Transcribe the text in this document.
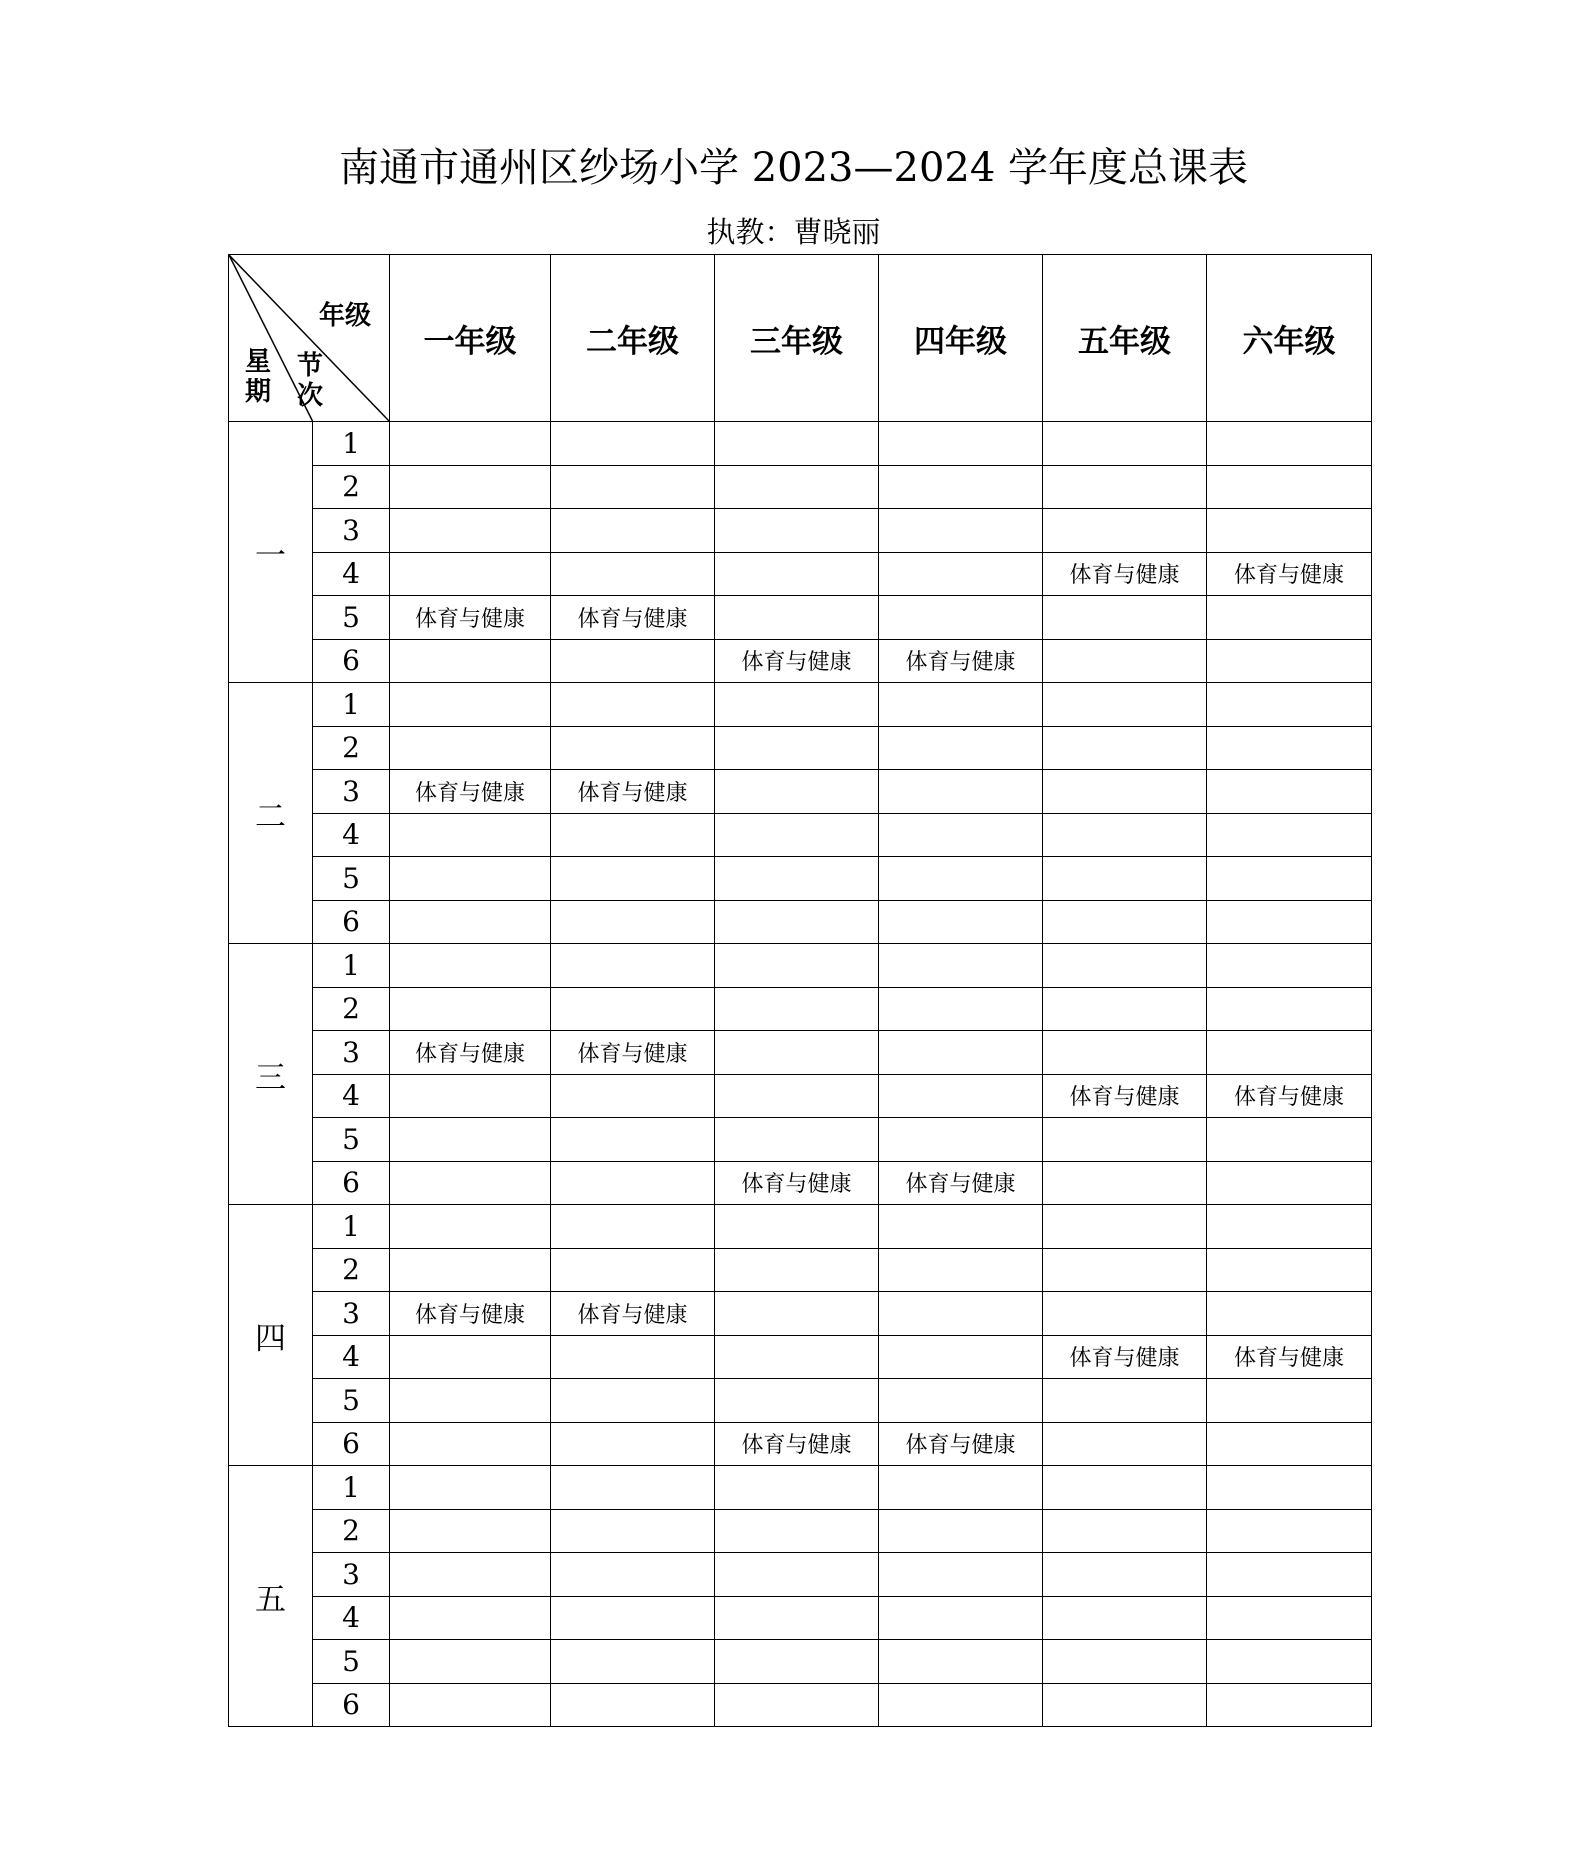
南通市通州区纱场小学 2023—2024 学年度总课表
执教：曹晓丽
年级
节次
星期		一年级	二年级	三年级	四年级	五年级	六年级
一	1						
	2						
	3						
	4					体育与健康	体育与健康
	5	体育与健康	体育与健康				
	6			体育与健康	体育与健康		
二	1						
	2						
	3	体育与健康	体育与健康				
	4						
	5						
	6						
三	1						
	2						
	3	体育与健康	体育与健康				
	4					体育与健康	体育与健康
	5						
	6			体育与健康	体育与健康		
四	1						
	2						
	3	体育与健康	体育与健康				
	4					体育与健康	体育与健康
	5						
	6			体育与健康	体育与健康		
五	1						
	2						
	3						
	4						
	5						
	6						
